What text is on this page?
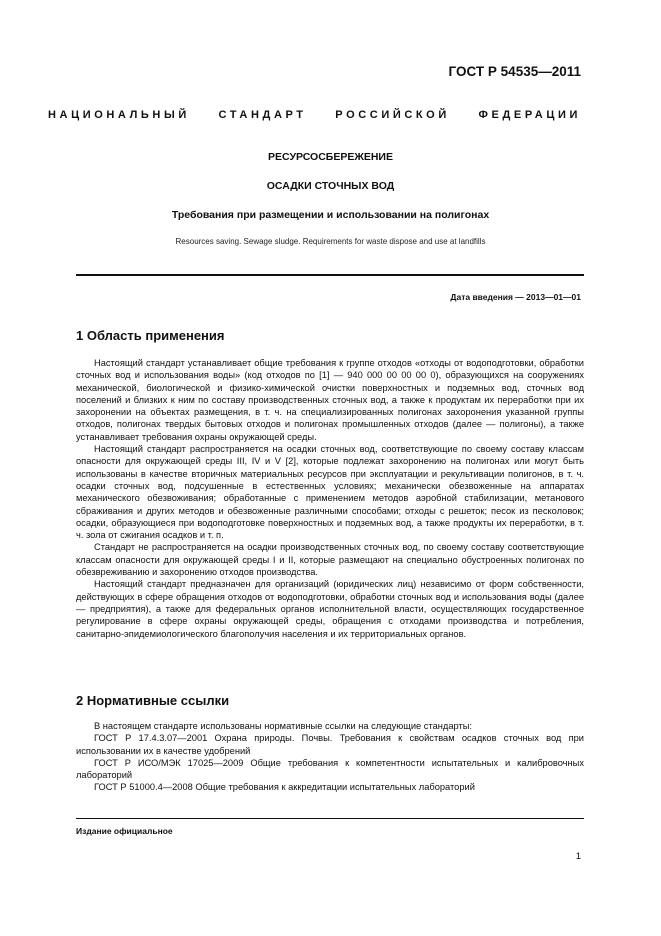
ГОСТ Р 54535—2011
НАЦИОНАЛЬНЫЙ СТАНДАРТ РОССИЙСКОЙ ФЕДЕРАЦИИ
РЕСУРСОСБЕРЕЖЕНИЕ
ОСАДКИ СТОЧНЫХ ВОД
Требования при размещении и использовании на полигонах
Resources saving. Sewage sludge. Requirements for waste dispose and use at landfills
Дата введения — 2013—01—01
1 Область применения

Настоящий стандарт устанавливает общие требования к группе отходов «отходы от водоподготовки, обработки сточных вод и использования воды» (код отходов по [1] — 940 000 00 00 00 0), образующихся на сооружениях механической, биологической и физико-химической очистки поверхностных и подземных вод, сточных вод поселений и близких к ним по составу производственных сточных вод, а также к продуктам их переработки при их захоронении на объектах размещения, в т. ч. на специализированных полигонах захоронения указанной группы отходов, полигонах твердых бытовых отходов и полигонах промышленных отходов (далее — полигоны), а также устанавливает требования охраны окружающей среды.

Настоящий стандарт распространяется на осадки сточных вод, соответствующие по своему составу классам опасности для окружающей среды III, IV и V [2], которые подлежат захоронению на полигонах или могут быть использованы в качестве вторичных материальных ресурсов при эксплуатации и рекультивации полигонов, в т. ч. осадки сточных вод, подсушенные в естественных условиях; механически обезвоженные на аппаратах механического обезвоживания; обработанные с применением методов аэробной стабилизации, метанового сбраживания и других методов и обезвоженные различными способами; отходы с решеток; песок из песколовок; осадки, образующиеся при водоподготовке поверхностных и подземных вод, а также продукты их переработки, в т. ч. зола от сжигания осадков и т. п.

Стандарт не распространяется на осадки производственных сточных вод, по своему составу соответствующие классам опасности для окружающей среды I и II, которые размещают на специально обустроенных полигонах по обезвреживанию и захоронению отходов производства.

Настоящий стандарт предназначен для организаций (юридических лиц) независимо от форм собственности, действующих в сфере обращения отходов от водоподготовки, обработки сточных вод и использования воды (далее — предприятия), а также для федеральных органов исполнительной власти, осуществляющих государственное регулирование в сфере охраны окружающей среды, обращения с отходами производства и потребления, санитарно-эпидемиологического благополучия населения и их территориальных органов.

2 Нормативные ссылки

В настоящем стандарте использованы нормативные ссылки на следующие стандарты:

ГОСТ Р 17.4.3.07—2001 Охрана природы. Почвы. Требования к свойствам осадков сточных вод при использовании их в качестве удобрений

ГОСТ Р ИСО/МЭК 17025—2009 Общие требования к компетентности испытательных и калибровочных лабораторий

ГОСТ Р 51000.4—2008 Общие требования к аккредитации испытательных лабораторий

Издание официальное
1
